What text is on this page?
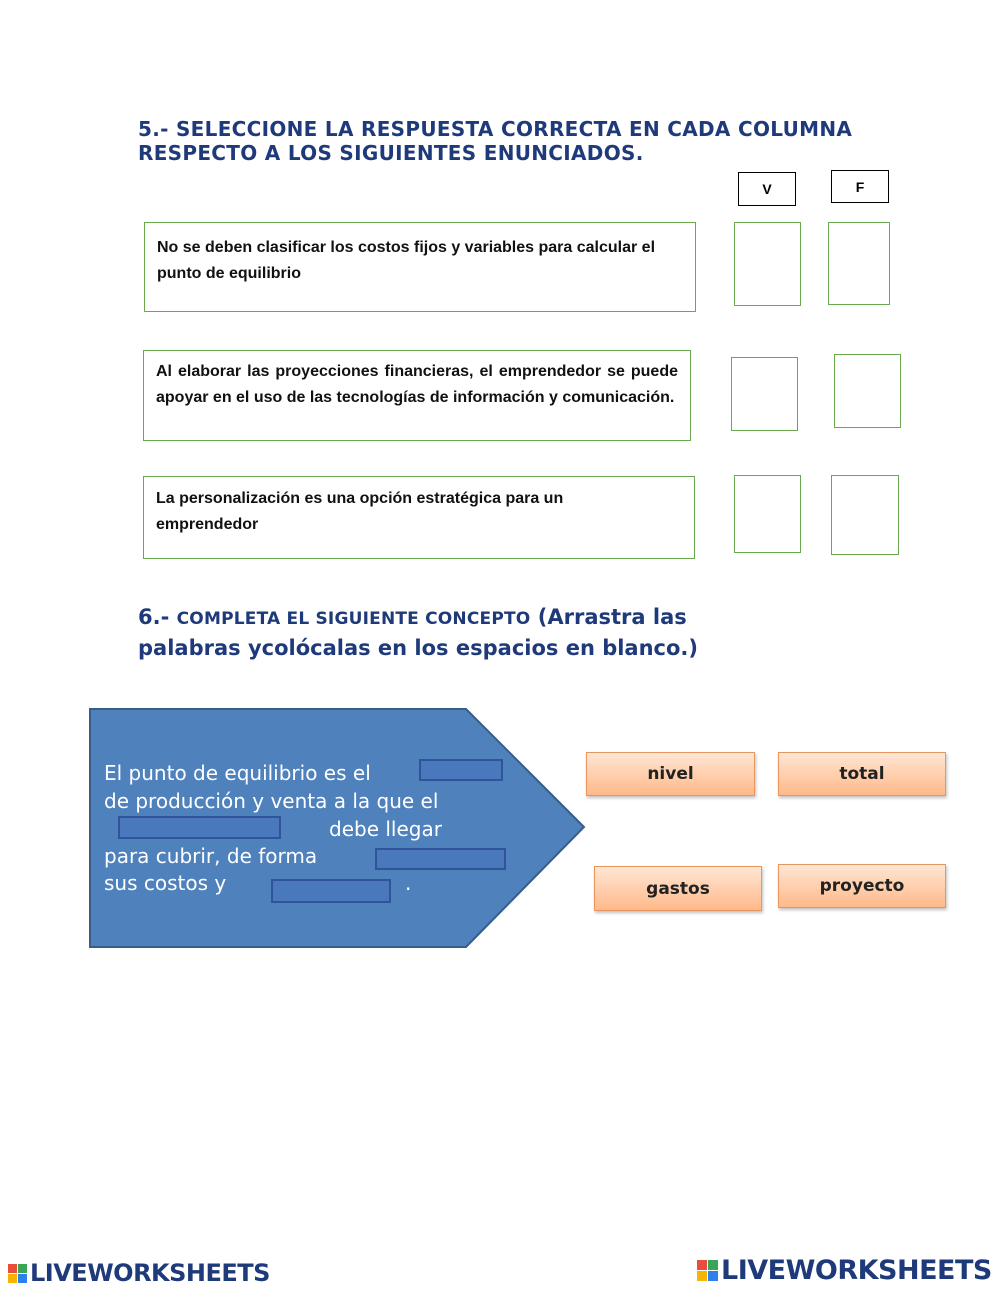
5.- SELECCIONE LA RESPUESTA CORRECTA EN CADA COLUMNA
RESPECTO A LOS SIGUIENTES ENUNCIADOS.
V	F
No se deben clasificar los costos fijos y variables para calcular el punto de equilibrio
Al elaborar las proyecciones financieras, el emprendedor se puede apoyar en el uso de las tecnologías de información y comunicación.
La personalización es una opción estratégica para un emprendedor
6.- COMPLETA EL SIGUIENTE CONCEPTO (Arrastra las
palabras ycolócalas en los espacios en blanco.)
El punto de equilibrio es el
de producción y venta a la que el
debe llegar
para cubrir, de forma
sus costos y	.
nivel	total
gastos	proyecto
LIVEWORKSHEETS	LIVEWORKSHEETS
